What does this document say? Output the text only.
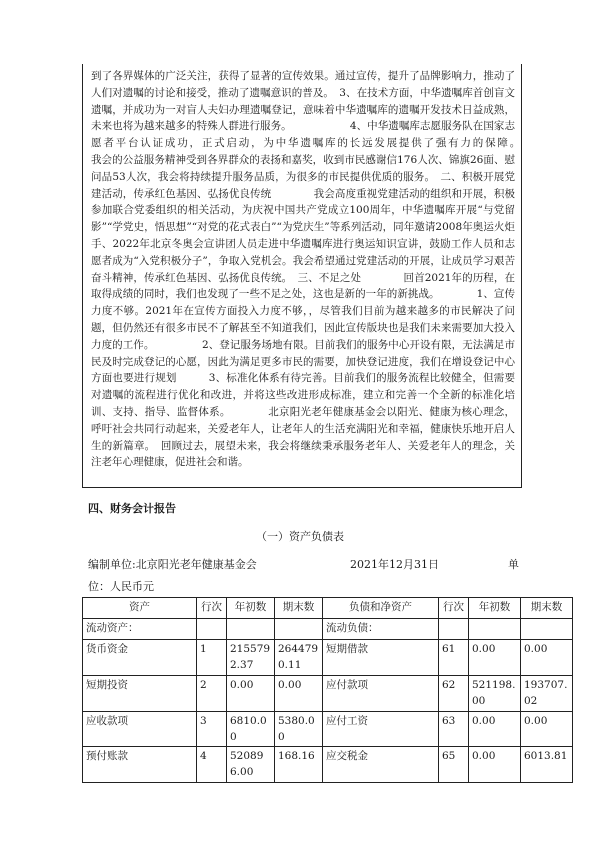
到了各界媒体的广泛关注，获得了显著的宣传效果。通过宣传，提升了品牌影响力，推动了人们对遗嘱的讨论和接受，推动了遗嘱意识的普及。　3、在技术方面，中华遗嘱库首创盲文遗嘱，并成功为一对盲人夫妇办理遗嘱登记，意味着中华遗嘱库的遗嘱开发技术日益成熟，未来也将为越来越多的特殊人群进行服务。　　　　　　4、中华遗嘱库志愿服务队在国家志愿者平台认证成功，正式启动，为中华遗嘱库的长远发展提供了强有力的保障。　　　　　我会的公益服务精神受到各界群众的表扬和嘉奖，收到市民感谢信176人次、锦旗26面、慰问品53人次，我会将持续提升服务品质，为很多的市民提供优质的服务。　二、积极开展党建活动，传承红色基因、弘扬优良传统　　　　我会高度重视党建活动的组织和开展，积极参加联合党委组织的相关活动，为庆祝中国共产党成立100周年，中华遗嘱库开展“与党留影”“学党史，悟思想”“对党的花式表白”“为党庆生”等系列活动，同年邀请2008年奥运火炬手、2022年北京冬奥会宣讲团人员走进中华遗嘱库进行奥运知识宣讲，鼓励工作人员和志愿者成为“入党积极分子”，争取入党机会。我会希望通过党建活动的开展，让成员学习艰苦奋斗精神，传承红色基因、弘扬优良传统。　三、不足之处　　　　回首2021年的历程，在取得成绩的同时，我们也发现了一些不足之处，这也是新的一年的新挑战。　　　　1、宣传力度不够。2021年在宣传方面投入力度不够，，尽管我们目前为越来越多的市民解决了问题，但仍然还有很多市民不了解甚至不知道我们，因此宣传版块也是我们未来需要加大投入力度的工作。　　　　　2、登记服务场地有限。目前我们的服务中心开设有限，无法满足市民及时完成登记的心愿，因此为满足更多市民的需要，加快登记进度，我们在增设登记中心方面也要进行规划　　　3、标准化体系有待完善。目前我们的服务流程比较健全，但需要对遗嘱的流程进行优化和改进，并将这些改进形成标准，建立和完善一个全新的标准化培训、支持、指导、监督体系。　　　　北京阳光老年健康基金会以阳光、健康为核心理念，呼吁社会共同行动起来，关爱老年人，让老年人的生活充满阳光和幸福，健康快乐地开启人生的新篇章。　回顾过去，展望未来，我会将继续秉承服务老年人、关爱老年人的理念，关注老年心理健康，促进社会和谐。

四、财务会计报告
（一）资产负债表
编制单位:北京阳光老年健康基金会	2021年12月31日	单
位：人民币元
资产	行次	年初数	期末数	负债和净资产	行次	年初数	期末数
流动资产：				流动负债：			
货币资金	1	2155792.37	2644790.11	短期借款	61	0.00	0.00
短期投资	2	0.00	0.00	应付款项	62	521198.00	193707.02
应收款项	3	6810.00	5380.00	应付工资	63	0.00	0.00
预付账款	4	520896.00	168.16	应交税金	65	0.00	6013.81
